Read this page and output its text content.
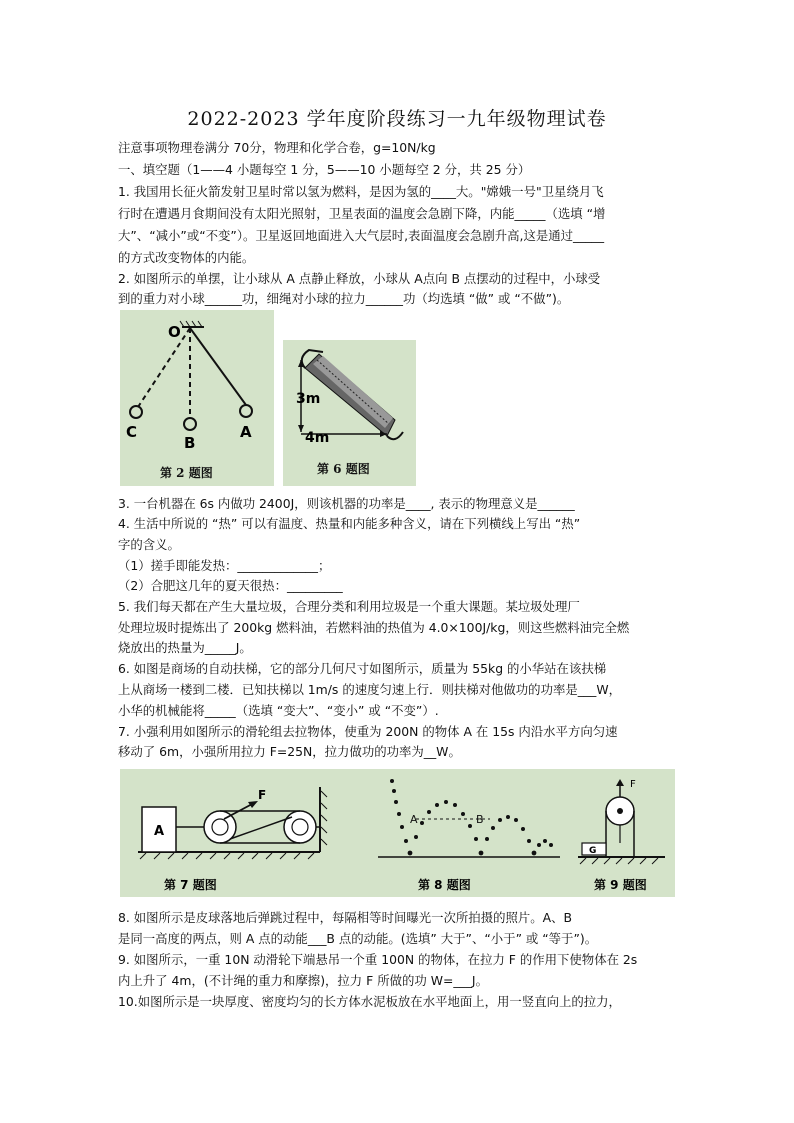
2022-2023 学年度阶段练习一九年级物理试卷
注意事项物理卷满分 70分，物理和化学合卷，g=10N/kg
一、填空题（1——4 小题每空 1 分，5——10 小题每空 2 分，共 25 分）
1. 我国用长征火箭发射卫星时常以氢为燃料，是因为氢的____大。"嫦娥一号"卫星绕月飞
行时在遭遇月食期间没有太阳光照射，卫星表面的温度会急剧下降，内能_____（选填 “增
大”、“减小”或“不变”）。卫星返回地面进入大气层时,表面温度会急剧升高,这是通过_____
的方式改变物体的内能。
2. 如图所示的单摆，让小球从 A 点静止释放，小球从 A点向 B 点摆动的过程中，小球受
到的重力对小球______功，细绳对小球的拉力______功（均选填 “做” 或 “不做”)。
O
A
B
C
第 2 题图
3m
4m
第 6 题图
3. 一台机器在 6s 内做功 2400J，则该机器的功率是____, 表示的物理意义是______
4. 生活中所说的 “热” 可以有温度、热量和内能多种含义，请在下列横线上写出 “热”
字的含义。
（1）搓手即能发热：_____________；
（2）合肥这几年的夏天很热：_________
5. 我们每天都在产生大量垃圾，合理分类和利用垃圾是一个重大课题。某垃圾处理厂
处理垃圾时提炼出了 200kg 燃料油，若燃料油的热值为 4.0×100J/kg，则这些燃料油完全燃
烧放出的热量为_____J。
6. 如图是商场的自动扶梯，它的部分几何尺寸如图所示，质量为 55kg 的小华站在该扶梯
上从商场一楼到二楼．已知扶梯以 1m/s 的速度匀速上行．则扶梯对他做功的功率是___W，
小华的机械能将_____（选填 “变大”、“变小” 或 “不变”）.
7. 小强利用如图所示的滑轮组去拉物体，使重为 200N 的物体 A 在 15s 内沿水平方向匀速
移动了 6m，小强所用拉力 F=25N，拉力做功的功率为__W。
A
F
第 7 题图
A	B
第 8 题图
F
G
第 9 题图
8. 如图所示是皮球落地后弹跳过程中，每隔相等时间曝光一次所拍摄的照片。A、B
是同一高度的两点，则 A 点的动能___B 点的动能。(选填” 大于”、“小于” 或 “等于”)。
9. 如图所示，一重 10N 动滑轮下端悬吊一个重 100N 的物体，在拉力 F 的作用下使物体在 2s
内上升了 4m，(不计绳的重力和摩擦)，拉力 F 所做的功 W=___J。
10.如图所示是一块厚度、密度均匀的长方体水泥板放在水平地面上，用一竖直向上的拉力，
